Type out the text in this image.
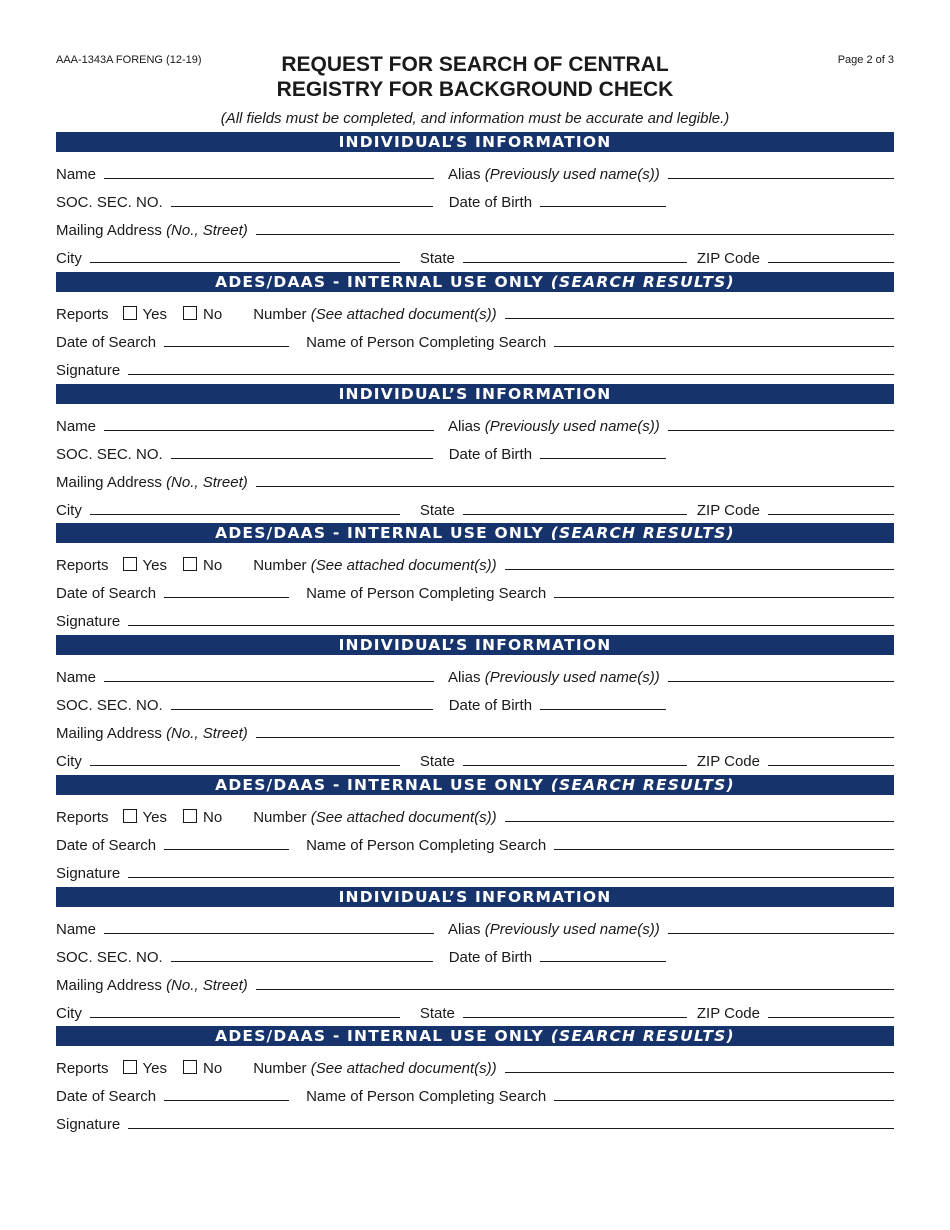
AAA-1343A FORENG (12-19)	Page 2 of 3
REQUEST FOR SEARCH OF CENTRAL
REGISTRY FOR BACKGROUND CHECK
(All fields must be completed, and information must be accurate and legible.)
INDIVIDUAL’S INFORMATION
Name	Alias (Previously used name(s))
SOC. SEC. NO.	Date of Birth
Mailing Address (No., Street)
City	State	ZIP Code
ADES/DAAS - INTERNAL USE ONLY (SEARCH RESULTS)
Reports Yes No Number (See attached document(s))
Date of Search	Name of Person Completing Search
Signature
INDIVIDUAL’S INFORMATION
Name	Alias (Previously used name(s))
SOC. SEC. NO.	Date of Birth
Mailing Address (No., Street)
City	State	ZIP Code
ADES/DAAS - INTERNAL USE ONLY (SEARCH RESULTS)
Reports Yes No Number (See attached document(s))
Date of Search	Name of Person Completing Search
Signature
INDIVIDUAL’S INFORMATION
Name	Alias (Previously used name(s))
SOC. SEC. NO.	Date of Birth
Mailing Address (No., Street)
City	State	ZIP Code
ADES/DAAS - INTERNAL USE ONLY (SEARCH RESULTS)
Reports Yes No Number (See attached document(s))
Date of Search	Name of Person Completing Search
Signature
INDIVIDUAL’S INFORMATION
Name	Alias (Previously used name(s))
SOC. SEC. NO.	Date of Birth
Mailing Address (No., Street)
City	State	ZIP Code
ADES/DAAS - INTERNAL USE ONLY (SEARCH RESULTS)
Reports Yes No Number (See attached document(s))
Date of Search	Name of Person Completing Search
Signature
